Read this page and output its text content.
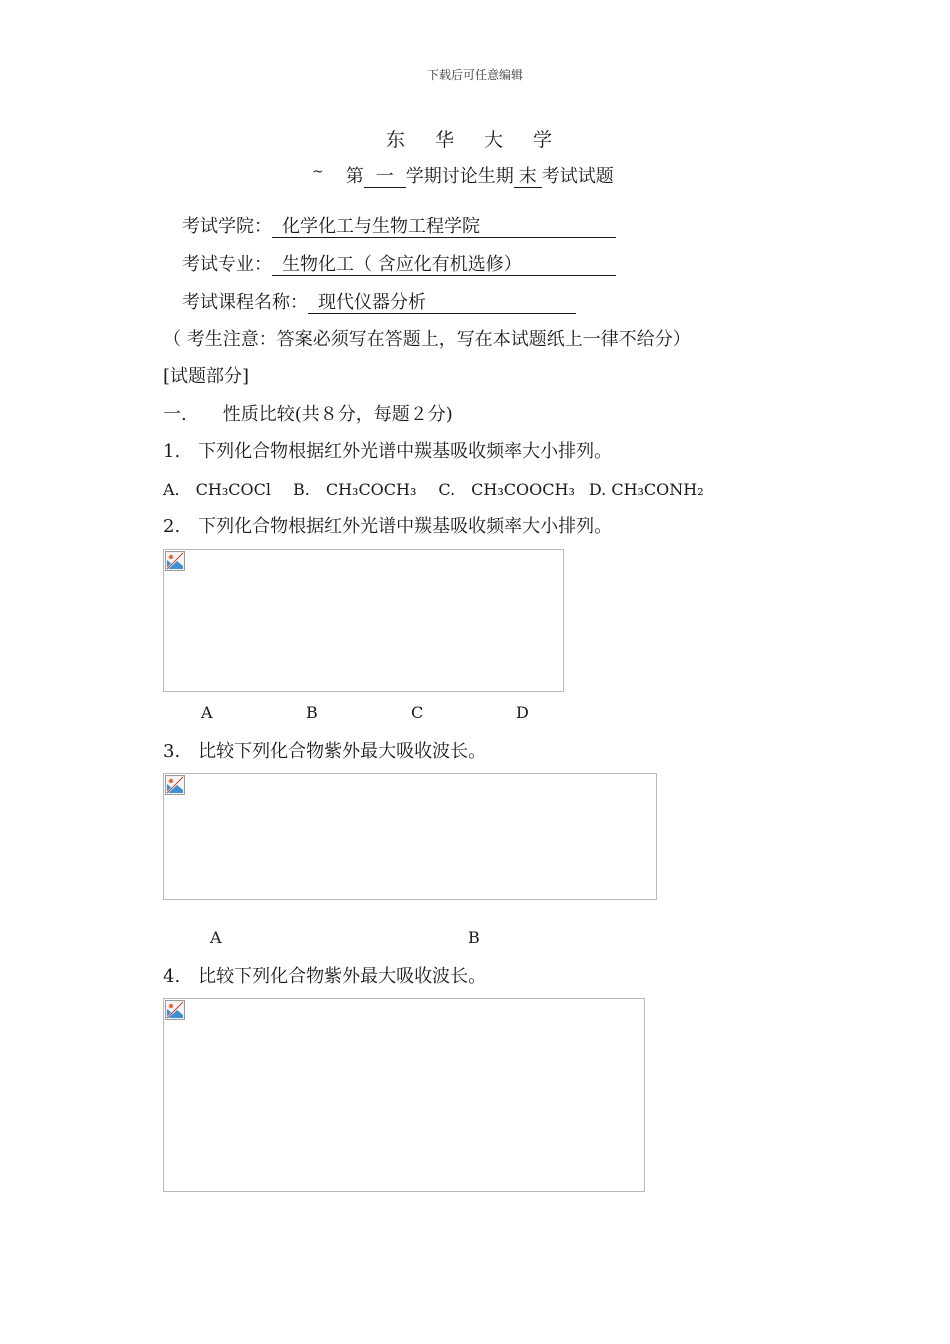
下载后可任意编辑
东 华 大 学
~ 第 一 学期讨论生期 末 考试试题
考试学院： 化学化工与生物工程学院
考试专业： 生物化工（ 含应化有机选修）
考试课程名称： 现代仪器分析
（ 考生注意：答案必须写在答题上，写在本试题纸上一律不给分）
[试题部分]
一.　　性质比较(共８分，每题２分)
1.　下列化合物根据红外光谱中羰基吸收频率大小排列。
A.　CH₃COCl B.　CH₃COCH₃ C.　CH₃COOCH₃ D. CH₃CONH₂
2.　下列化合物根据红外光谱中羰基吸收频率大小排列。
A	B	C	D
3.　比较下列化合物紫外最大吸收波长。
A	B
4.　比较下列化合物紫外最大吸收波长。
